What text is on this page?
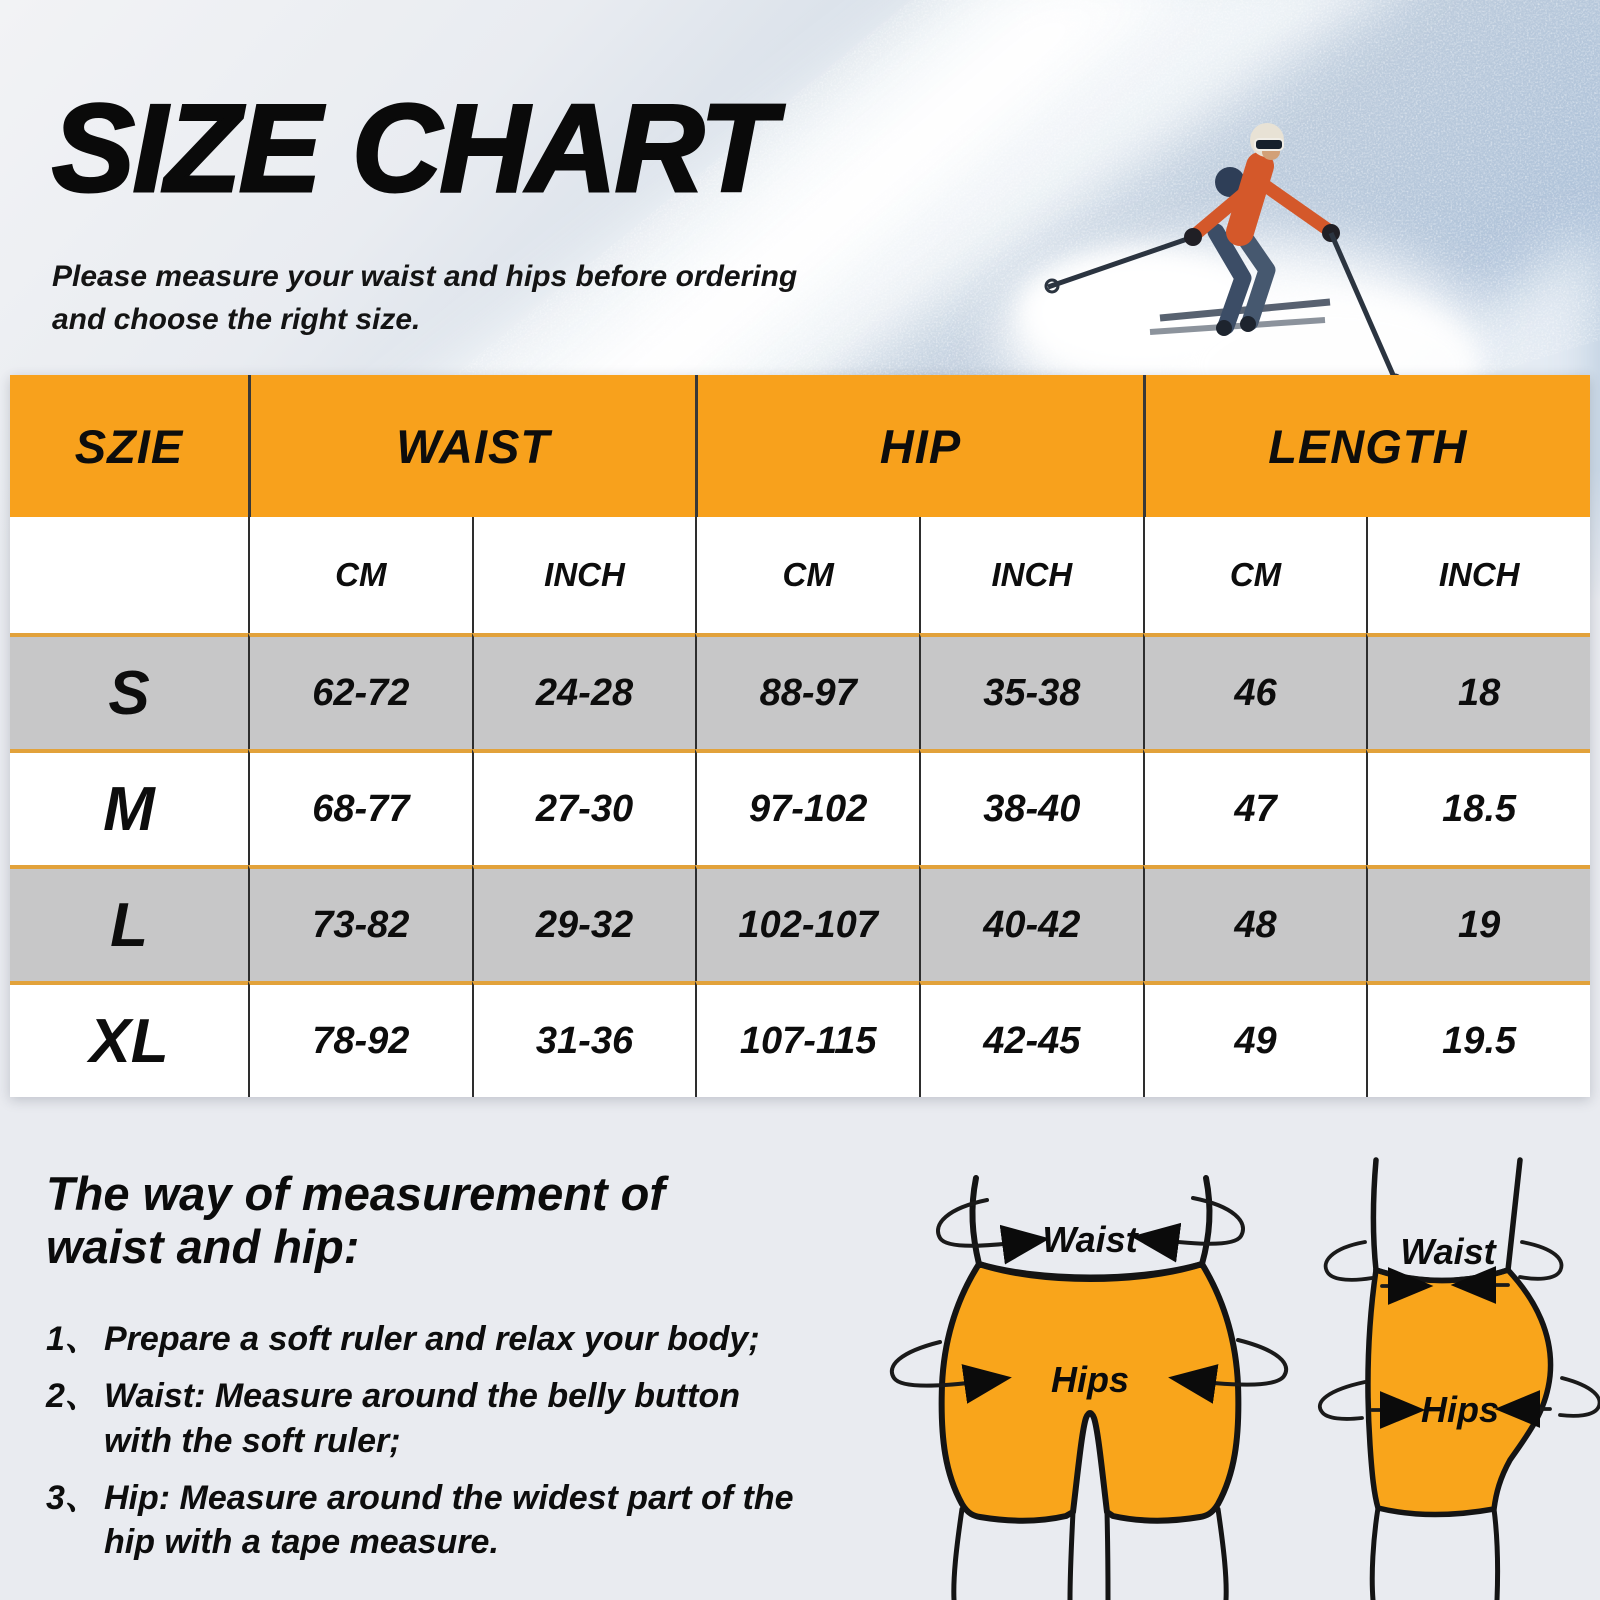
SIZE CHART
Please measure your waist and hips before ordering
and choose the right size.
SZIE	WAIST	HIP	LENGTH
CM	INCH	CM	INCH	CM	INCH
S	62-72	24-28	88-97	35-38	46	18
M	68-77	27-30	97-102	38-40	47	18.5
L	73-82	29-32	102-107	40-42	48	19
XL	78-92	31-36	107-115	42-45	49	19.5
The way of measurement of
waist and hip:
1、 Prepare a soft ruler and relax your body;
2、 Waist: Measure around the belly button with the soft ruler;
3、 Hip: Measure around the widest part of the hip with a tape measure.
Waist
Hips
Waist
Hips
